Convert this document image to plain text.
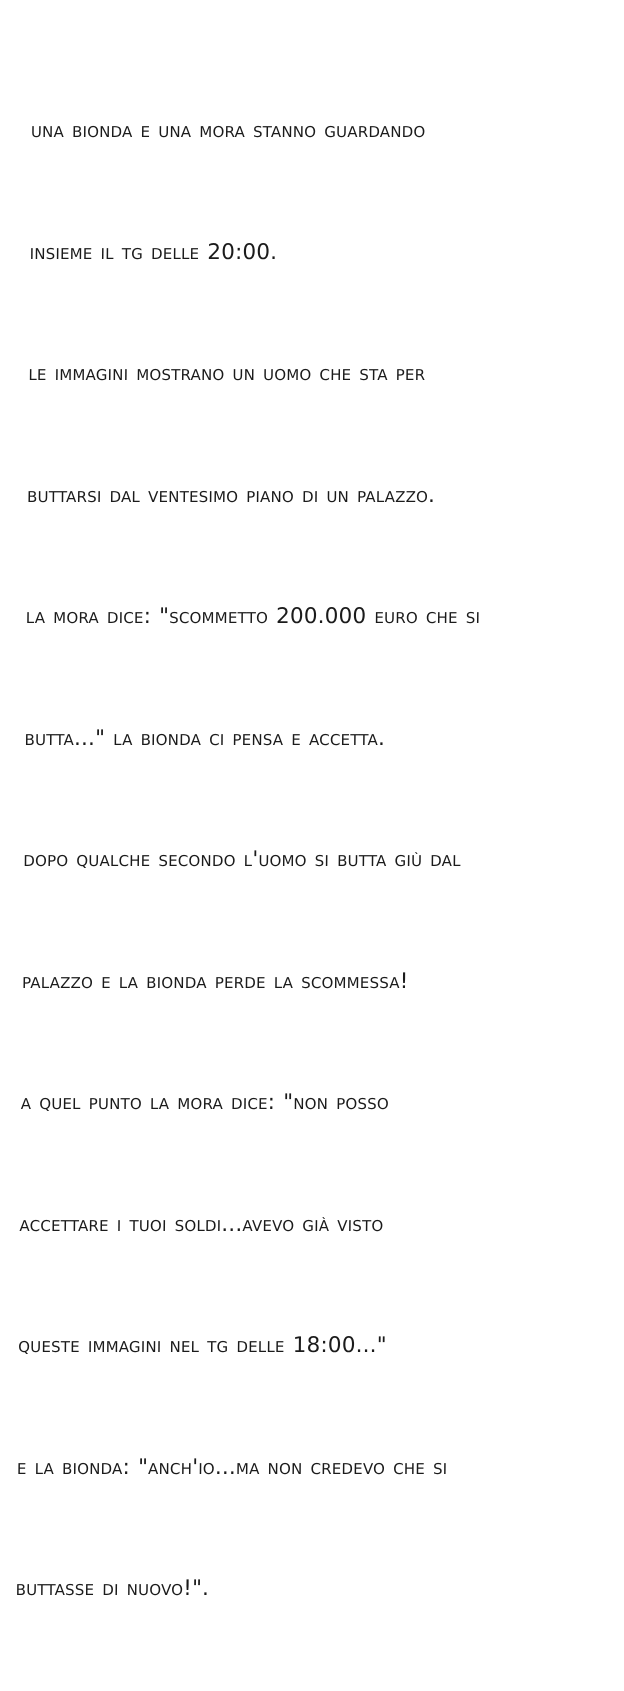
una bionda e una mora stanno guardando

insieme il tg delle 20:00.

le immagini mostrano un uomo che sta per

buttarsi dal ventesimo piano di un palazzo.

la mora dice: "scommetto 200.000 euro che si

butta..." la bionda ci pensa e accetta.

dopo qualche secondo l'uomo si butta giù dal

palazzo e la bionda perde la scommessa!

a quel punto la mora dice: "non posso

accettare i tuoi soldi...avevo già visto

queste immagini nel tg delle 18:00..."

e la bionda: "anch'io...ma non credevo che si

buttasse di nuovo!".
